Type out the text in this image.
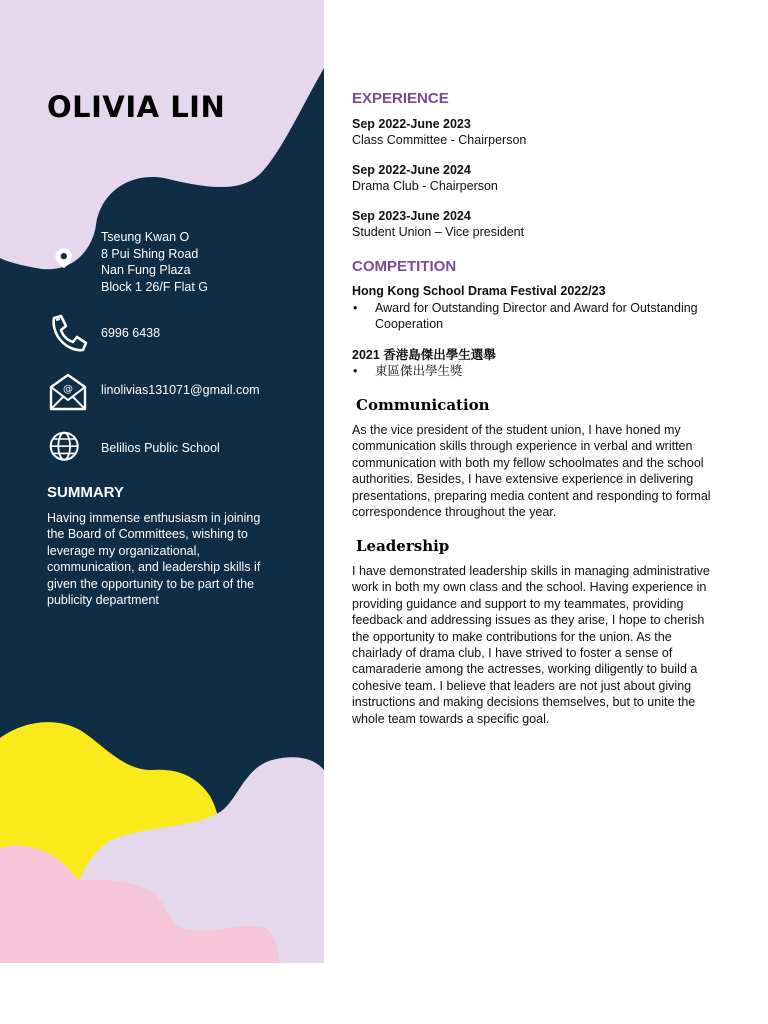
OLIVIA LIN
Tseung Kwan O
8 Pui Shing Road
Nan Fung Plaza
Block 1 26/F Flat G
6996 6438
@ linolivias131071@gmail.com
Belilios Public School
SUMMARY

Having immense enthusiasm in joining the Board of Committees, wishing to leverage my organizational, communication, and leadership skills if given the opportunity to be part of the publicity department

EXPERIENCE
Sep 2022-June 2023
Class Committee - Chairperson
Sep 2022-June 2024
Drama Club - Chairperson
Sep 2023-June 2024
Student Union – Vice president
COMPETITION
Hong Kong School Drama Festival 2022/23
• Award for Outstanding Director and Award for Outstanding Cooperation
2021 香港島傑出學生選舉
• 東區傑出學生獎
Communication

As the vice president of the student union, I have honed my communication skills through experience in verbal and written communication with both my fellow schoolmates and the school authorities. Besides, I have extensive experience in delivering presentations, preparing media content and responding to formal correspondence throughout the year.

Leadership

I have demonstrated leadership skills in managing administrative work in both my own class and the school. Having experience in providing guidance and support to my teammates, providing feedback and addressing issues as they arise, I hope to cherish the opportunity to make contributions for the union. As the chairlady of drama club, I have strived to foster a sense of camaraderie among the actresses, working diligently to build a cohesive team. I believe that leaders are not just about giving instructions and making decisions themselves, but to unite the whole team towards a specific goal.
